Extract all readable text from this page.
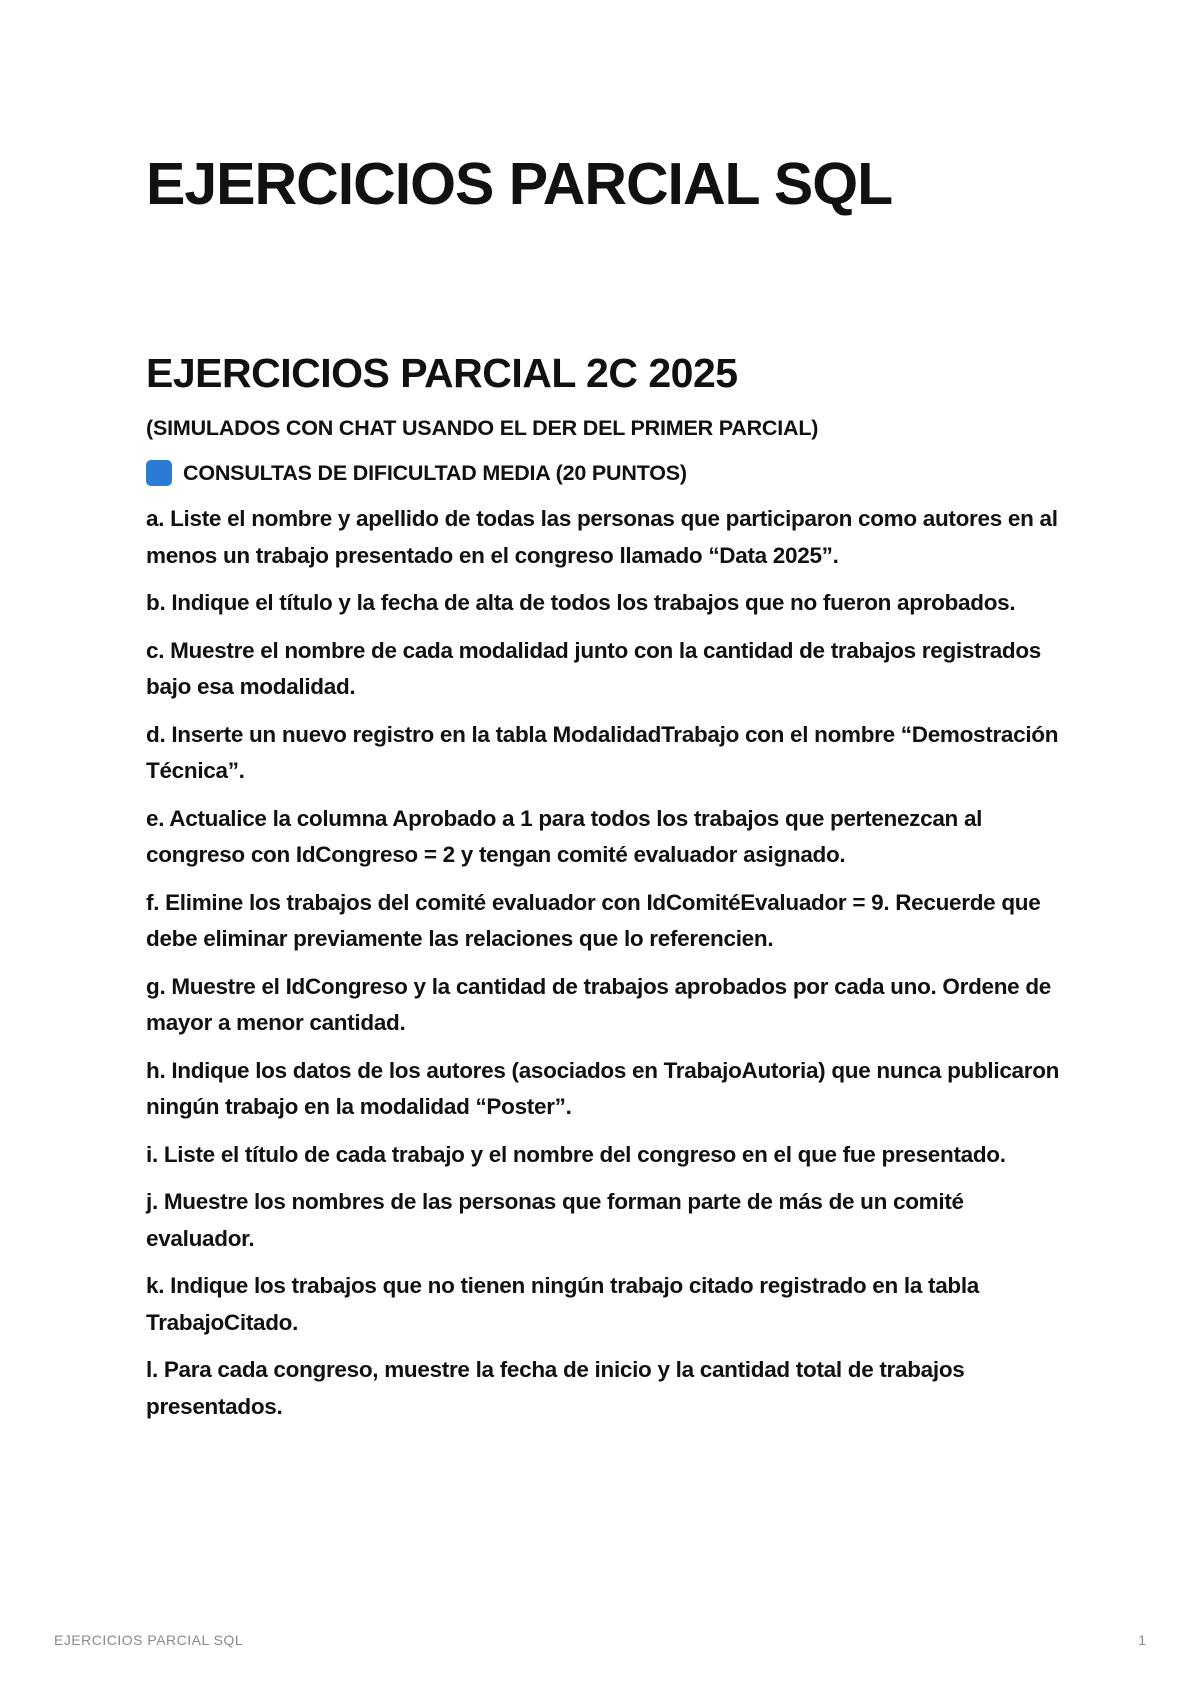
EJERCICIOS PARCIAL SQL
EJERCICIOS PARCIAL 2C 2025

(SIMULADOS CON CHAT USANDO EL DER DEL PRIMER PARCIAL)

CONSULTAS DE DIFICULTAD MEDIA (20 PUNTOS)

a. Liste el nombre y apellido de todas las personas que participaron como autores en al menos un trabajo presentado en el congreso llamado “Data 2025”.
b. Indique el título y la fecha de alta de todos los trabajos que no fueron aprobados.
c. Muestre el nombre de cada modalidad junto con la cantidad de trabajos registrados bajo esa modalidad.
d. Inserte un nuevo registro en la tabla ModalidadTrabajo con el nombre “Demostración Técnica”.
e. Actualice la columna Aprobado a 1 para todos los trabajos que pertenezcan al congreso con IdCongreso = 2 y tengan comité evaluador asignado.
f. Elimine los trabajos del comité evaluador con IdComitéEvaluador = 9. Recuerde que debe eliminar previamente las relaciones que lo referencien.
g. Muestre el IdCongreso y la cantidad de trabajos aprobados por cada uno. Ordene de mayor a menor cantidad.
h. Indique los datos de los autores (asociados en TrabajoAutoria) que nunca publicaron ningún trabajo en la modalidad “Poster”.
i. Liste el título de cada trabajo y el nombre del congreso en el que fue presentado.
j. Muestre los nombres de las personas que forman parte de más de un comité evaluador.
k. Indique los trabajos que no tienen ningún trabajo citado registrado en la tabla TrabajoCitado.
l. Para cada congreso, muestre la fecha de inicio y la cantidad total de trabajos presentados.
EJERCICIOS PARCIAL SQL	1
